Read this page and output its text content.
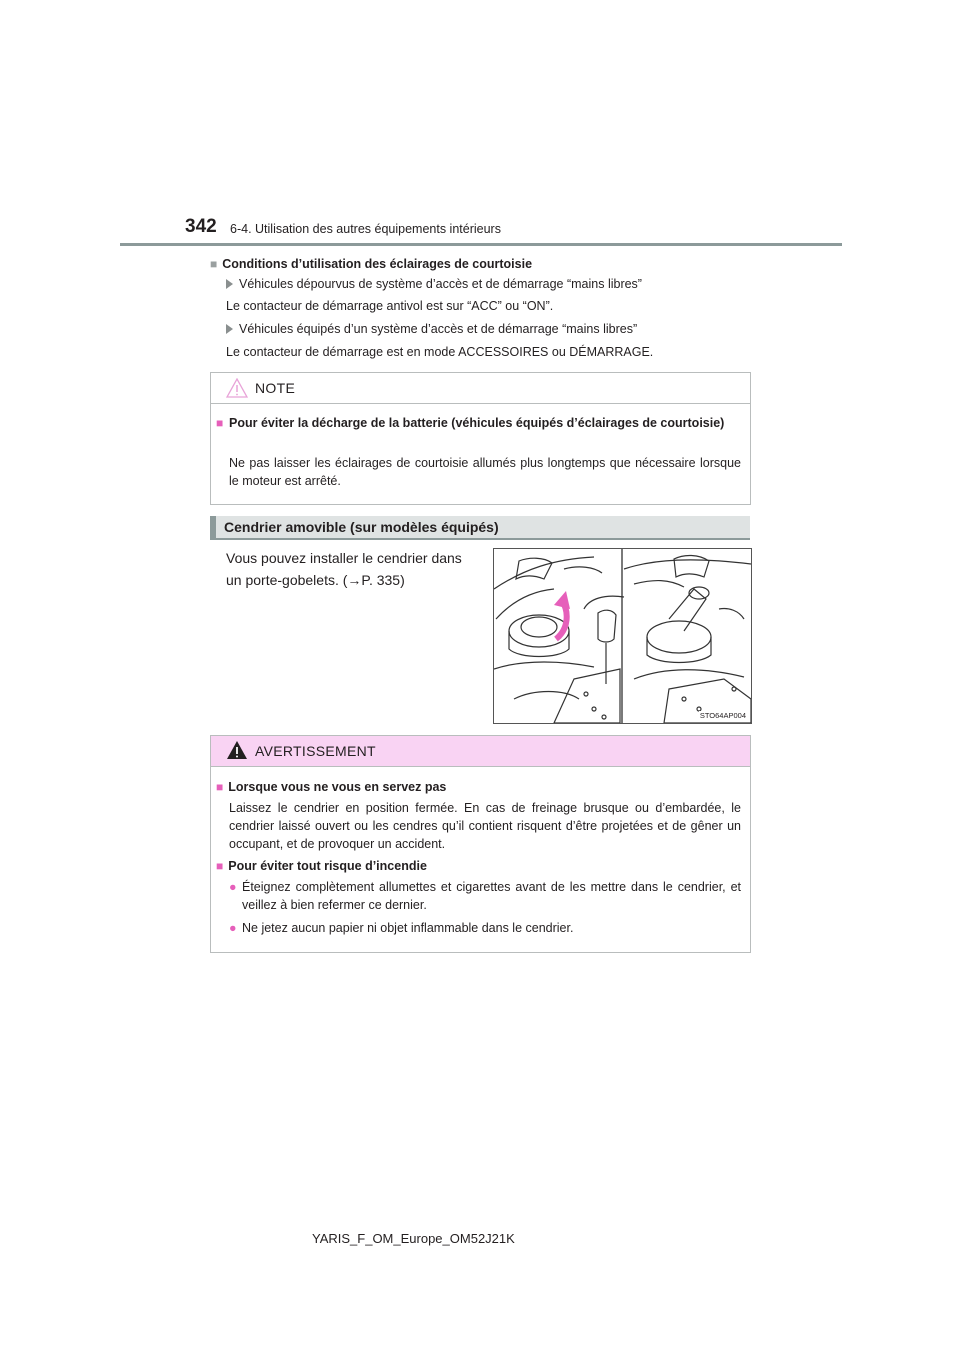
342 6-4. Utilisation des autres équipements intérieurs
■ Conditions d’utilisation des éclairages de courtoisie
Véhicules dépourvus de système d’accès et de démarrage “mains libres”
Le contacteur de démarrage antivol est sur “ACC” ou “ON”.
Véhicules équipés d’un système d’accès et de démarrage “mains libres”
Le contacteur de démarrage est en mode ACCESSOIRES ou DÉMARRAGE.
NOTE
■ Pour éviter la décharge de la batterie (véhicules équipés d’éclairages de courtoisie)
Ne pas laisser les éclairages de courtoisie allumés plus longtemps que nécessaire lorsque le moteur est arrêté.
Cendrier amovible (sur modèles équipés)
Vous pouvez installer le cendrier dans
un porte-gobelets. (→P. 335)
STO64AP004
AVERTISSEMENT
■ Lorsque vous ne vous en servez pas
Laissez le cendrier en position fermée. En cas de freinage brusque ou d’embardée, le cendrier laissé ouvert ou les cendres qu’il contient risquent d’être projetées et de gêner un occupant, et de provoquer un accident.
■ Pour éviter tout risque d’incendie
● Éteignez complètement allumettes et cigarettes avant de les mettre dans le cendrier, et veillez à bien refermer ce dernier.
● Ne jetez aucun papier ni objet inflammable dans le cendrier.
YARIS_F_OM_Europe_OM52J21K
